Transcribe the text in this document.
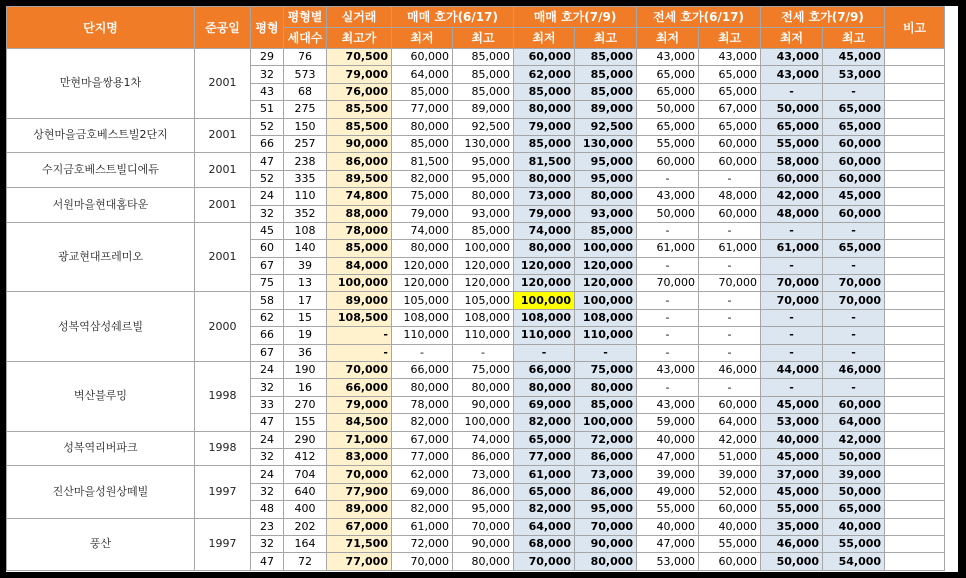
단지명	준공일	평형	평형별	실거래	매매 호가(6/17)		매매 호가(7/9)		전세 호가(6/17)		전세 호가(7/9)		비고
			세대수	최고가	최저	최고	최저	최고	최저	최고	최저	최고	
만현마을쌍용1차	2001	29	76	70,500	60,000	85,000	60,000	85,000	43,000	43,000	43,000	45,000	
		32	573	79,000	64,000	85,000	62,000	85,000	65,000	65,000	43,000	53,000	
		43	68	76,000	85,000	85,000	85,000	85,000	65,000	65,000	-	-	
		51	275	85,500	77,000	89,000	80,000	89,000	50,000	67,000	50,000	65,000	
상현마을금호베스트빌2단지	2001	52	150	85,500	80,000	92,500	79,000	92,500	65,000	65,000	65,000	65,000	
		66	257	90,000	85,000	130,000	85,000	130,000	55,000	60,000	55,000	60,000	
수지금호베스트빌디에듀	2001	47	238	86,000	81,500	95,000	81,500	95,000	60,000	60,000	58,000	60,000	
		52	335	89,500	82,000	95,000	80,000	95,000	-	-	60,000	60,000	
서원마을현대홈타운	2001	24	110	74,800	75,000	80,000	73,000	80,000	43,000	48,000	42,000	45,000	
		32	352	88,000	79,000	93,000	79,000	93,000	50,000	60,000	48,000	60,000	
광교현대프레미오	2001	45	108	78,000	74,000	85,000	74,000	85,000	-	-	-	-	
		60	140	85,000	80,000	100,000	80,000	100,000	61,000	61,000	61,000	65,000	
		67	39	84,000	120,000	120,000	120,000	120,000	-	-	-	-	
		75	13	100,000	120,000	120,000	120,000	120,000	70,000	70,000	70,000	70,000	
성복역삼성쉐르빌	2000	58	17	89,000	105,000	105,000	100,000	100,000	-	-	70,000	70,000	
		62	15	108,500	108,000	108,000	108,000	108,000	-	-	-	-	
		66	19	-	110,000	110,000	110,000	110,000	-	-	-	-	
		67	36	-	-	-	-	-	-	-	-	-	
벽산블루밍	1998	24	190	70,000	66,000	75,000	66,000	75,000	43,000	46,000	44,000	46,000	
		32	16	66,000	80,000	80,000	80,000	80,000	-	-	-	-	
		33	270	79,000	78,000	90,000	69,000	85,000	43,000	60,000	45,000	60,000	
		47	155	84,500	82,000	100,000	82,000	100,000	59,000	64,000	53,000	64,000	
성복역리버파크	1998	24	290	71,000	67,000	74,000	65,000	72,000	40,000	42,000	40,000	42,000	
		32	412	83,000	77,000	86,000	77,000	86,000	47,000	51,000	45,000	50,000	
진산마을성원상떼빌	1997	24	704	70,000	62,000	73,000	61,000	73,000	39,000	39,000	37,000	39,000	
		32	640	77,900	69,000	86,000	65,000	86,000	49,000	52,000	45,000	50,000	
		48	400	89,000	82,000	95,000	82,000	95,000	55,000	60,000	55,000	65,000	
풍산	1997	23	202	67,000	61,000	70,000	64,000	70,000	40,000	40,000	35,000	40,000	
		32	164	71,500	72,000	90,000	68,000	90,000	47,000	55,000	46,000	55,000	
		47	72	77,000	70,000	80,000	70,000	80,000	53,000	60,000	50,000	54,000	
